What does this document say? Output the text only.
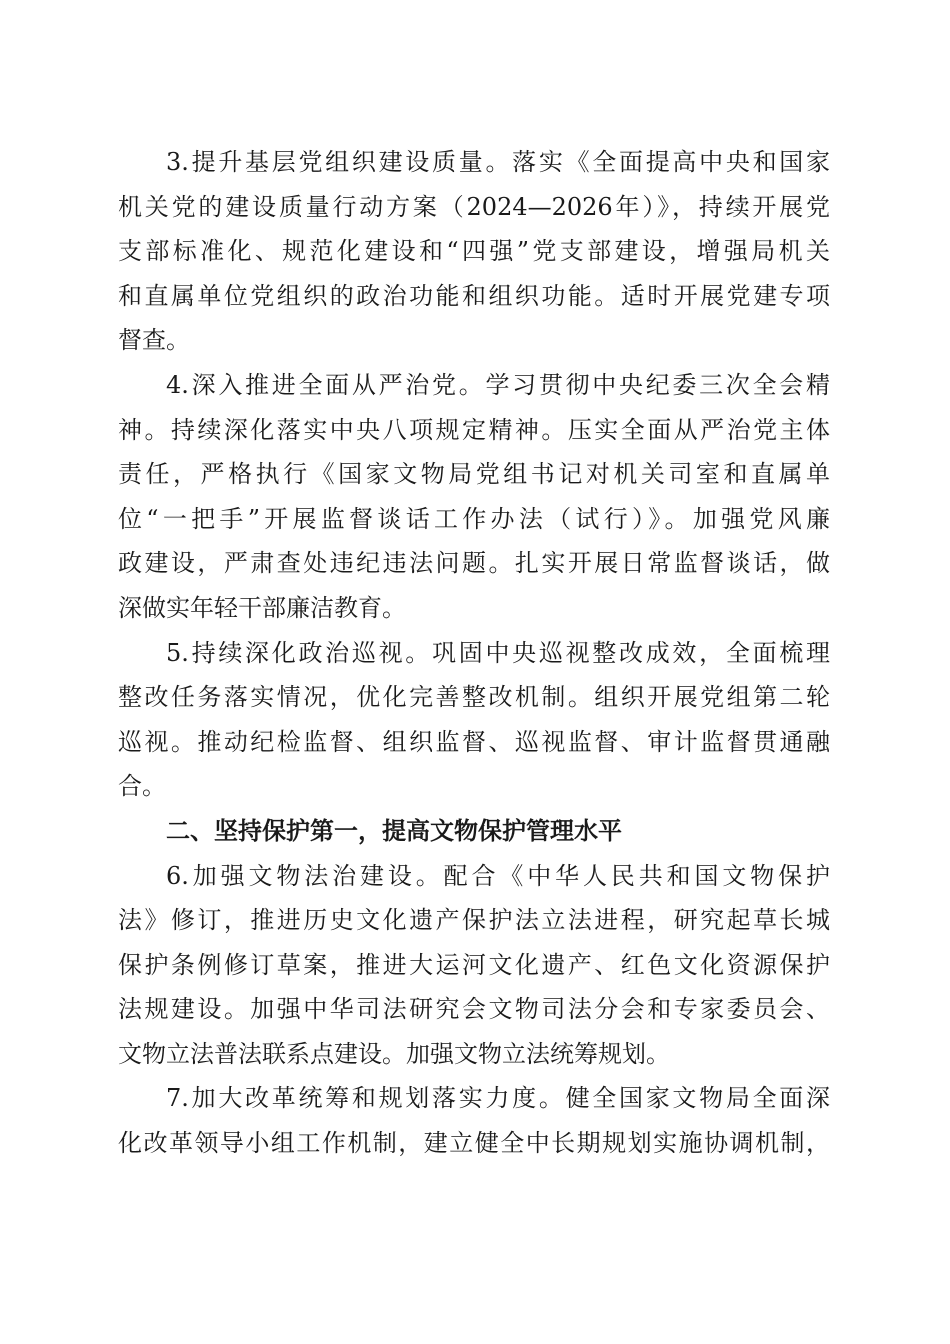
3.提升基层党组织建设质量。落实《全面提高中央和国家
机关党的建设质量行动方案（2024—2026年）》，持续开展党
支部标准化、规范化建设和“四强”党支部建设，增强局机关
和直属单位党组织的政治功能和组织功能。适时开展党建专项
督查。
4.深入推进全面从严治党。学习贯彻中央纪委三次全会精
神。持续深化落实中央八项规定精神。压实全面从严治党主体
责任，严格执行《国家文物局党组书记对机关司室和直属单
位“一把手”开展监督谈话工作办法（试行）》。加强党风廉
政建设，严肃查处违纪违法问题。扎实开展日常监督谈话，做
深做实年轻干部廉洁教育。
5.持续深化政治巡视。巩固中央巡视整改成效，全面梳理
整改任务落实情况，优化完善整改机制。组织开展党组第二轮
巡视。推动纪检监督、组织监督、巡视监督、审计监督贯通融
合。
二、坚持保护第一，提高文物保护管理水平
6.加强文物法治建设。配合《中华人民共和国文物保护
法》修订，推进历史文化遗产保护法立法进程，研究起草长城
保护条例修订草案，推进大运河文化遗产、红色文化资源保护
法规建设。加强中华司法研究会文物司法分会和专家委员会、
文物立法普法联系点建设。加强文物立法统筹规划。
7.加大改革统筹和规划落实力度。健全国家文物局全面深
化改革领导小组工作机制，建立健全中长期规划实施协调机制，
